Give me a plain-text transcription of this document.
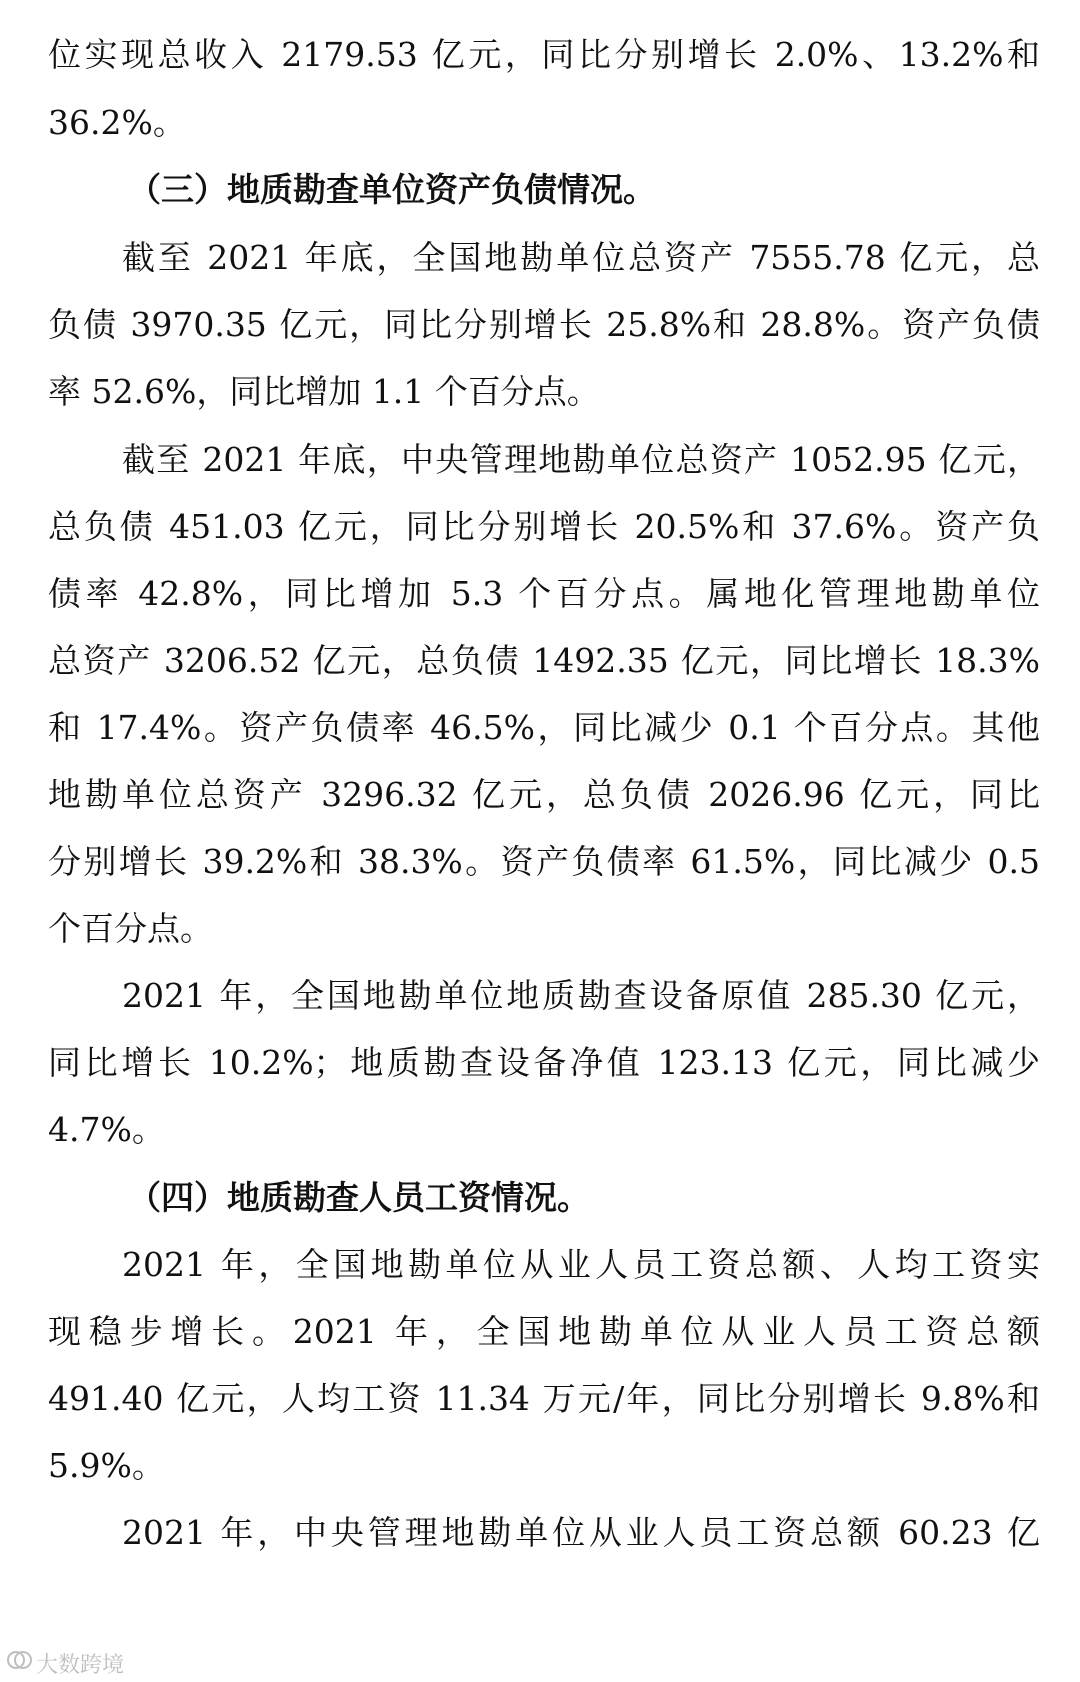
位实现总收入 2179.53 亿元，同比分别增长 2.0%、13.2%和
36.2%。
（三）地质勘查单位资产负债情况。
截至 2021 年底，全国地勘单位总资产 7555.78 亿元，总
负债 3970.35 亿元，同比分别增长 25.8%和 28.8%。资产负债
率 52.6%，同比增加 1.1 个百分点。
截至 2021 年底，中央管理地勘单位总资产 1052.95 亿元，
总负债 451.03 亿元，同比分别增长 20.5%和 37.6%。资产负
债率 42.8%，同比增加 5.3 个百分点。属地化管理地勘单位
总资产 3206.52 亿元，总负债 1492.35 亿元，同比增长 18.3%
和 17.4%。资产负债率 46.5%，同比减少 0.1 个百分点。其他
地勘单位总资产 3296.32 亿元，总负债 2026.96 亿元，同比
分别增长 39.2%和 38.3%。资产负债率 61.5%，同比减少 0.5
个百分点。
2021 年，全国地勘单位地质勘查设备原值 285.30 亿元，
同比增长 10.2%；地质勘查设备净值 123.13 亿元，同比减少
4.7%。
（四）地质勘查人员工资情况。
2021 年，全国地勘单位从业人员工资总额、人均工资实
现稳步增长。2021 年，全国地勘单位从业人员工资总额
491.40 亿元，人均工资 11.34 万元/年，同比分别增长 9.8%和
5.9%。
2021 年，中央管理地勘单位从业人员工资总额 60.23 亿
大数跨境
